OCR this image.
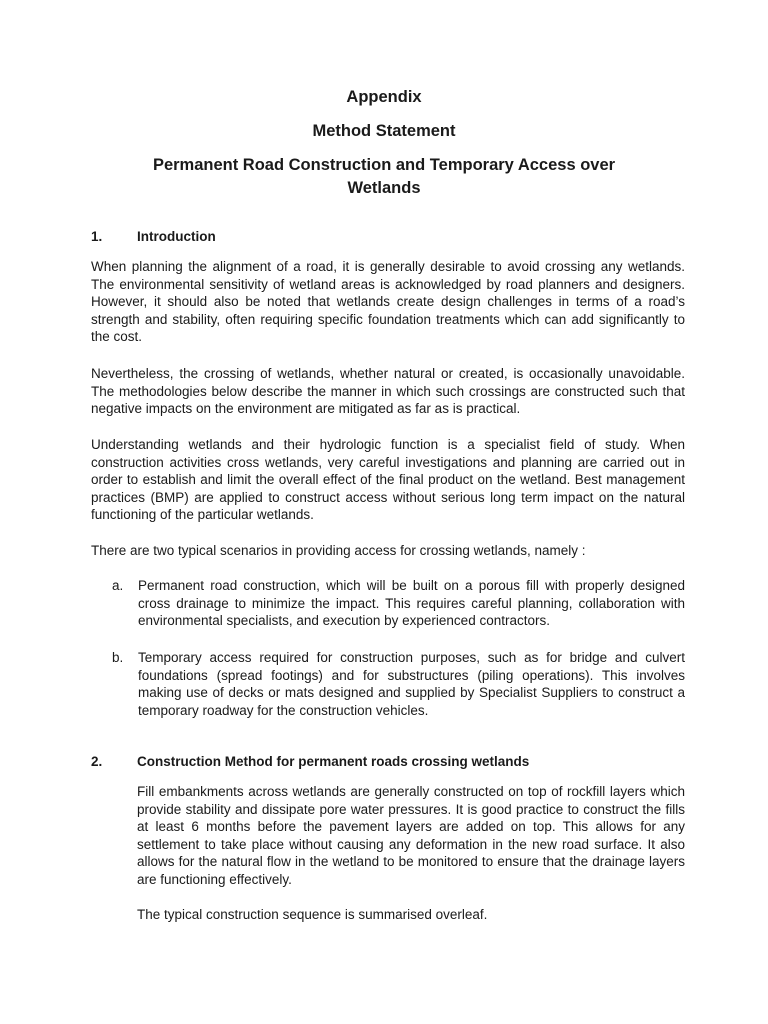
Appendix
Method Statement
Permanent Road Construction and Temporary Access over Wetlands
1.	Introduction

When planning the alignment of a road, it is generally desirable to avoid crossing any wetlands. The environmental sensitivity of wetland areas is acknowledged by road planners and designers. However, it should also be noted that wetlands create design challenges in terms of a road’s strength and stability, often requiring specific foundation treatments which can add significantly to the cost.

Nevertheless, the crossing of wetlands, whether natural or created, is occasionally unavoidable. The methodologies below describe the manner in which such crossings are constructed such that negative impacts on the environment are mitigated as far as is practical.

Understanding wetlands and their hydrologic function is a specialist field of study. When construction activities cross wetlands, very careful investigations and planning are carried out in order to establish and limit the overall effect of the final product on the wetland. Best management practices (BMP) are applied to construct access without serious long term impact on the natural functioning of the particular wetlands.

There are two typical scenarios in providing access for crossing wetlands, namely :

a. Permanent road construction, which will be built on a porous fill with properly designed cross drainage to minimize the impact. This requires careful planning, collaboration with environmental specialists, and execution by experienced contractors.

b. Temporary access required for construction purposes, such as for bridge and culvert foundations (spread footings) and for substructures (piling operations). This involves making use of decks or mats designed and supplied by Specialist Suppliers to construct a temporary roadway for the construction vehicles.

2.	Construction Method for permanent roads crossing wetlands

Fill embankments across wetlands are generally constructed on top of rockfill layers which provide stability and dissipate pore water pressures. It is good practice to construct the fills at least 6 months before the pavement layers are added on top. This allows for any settlement to take place without causing any deformation in the new road surface. It also allows for the natural flow in the wetland to be monitored to ensure that the drainage layers are functioning effectively.

The typical construction sequence is summarised overleaf.
